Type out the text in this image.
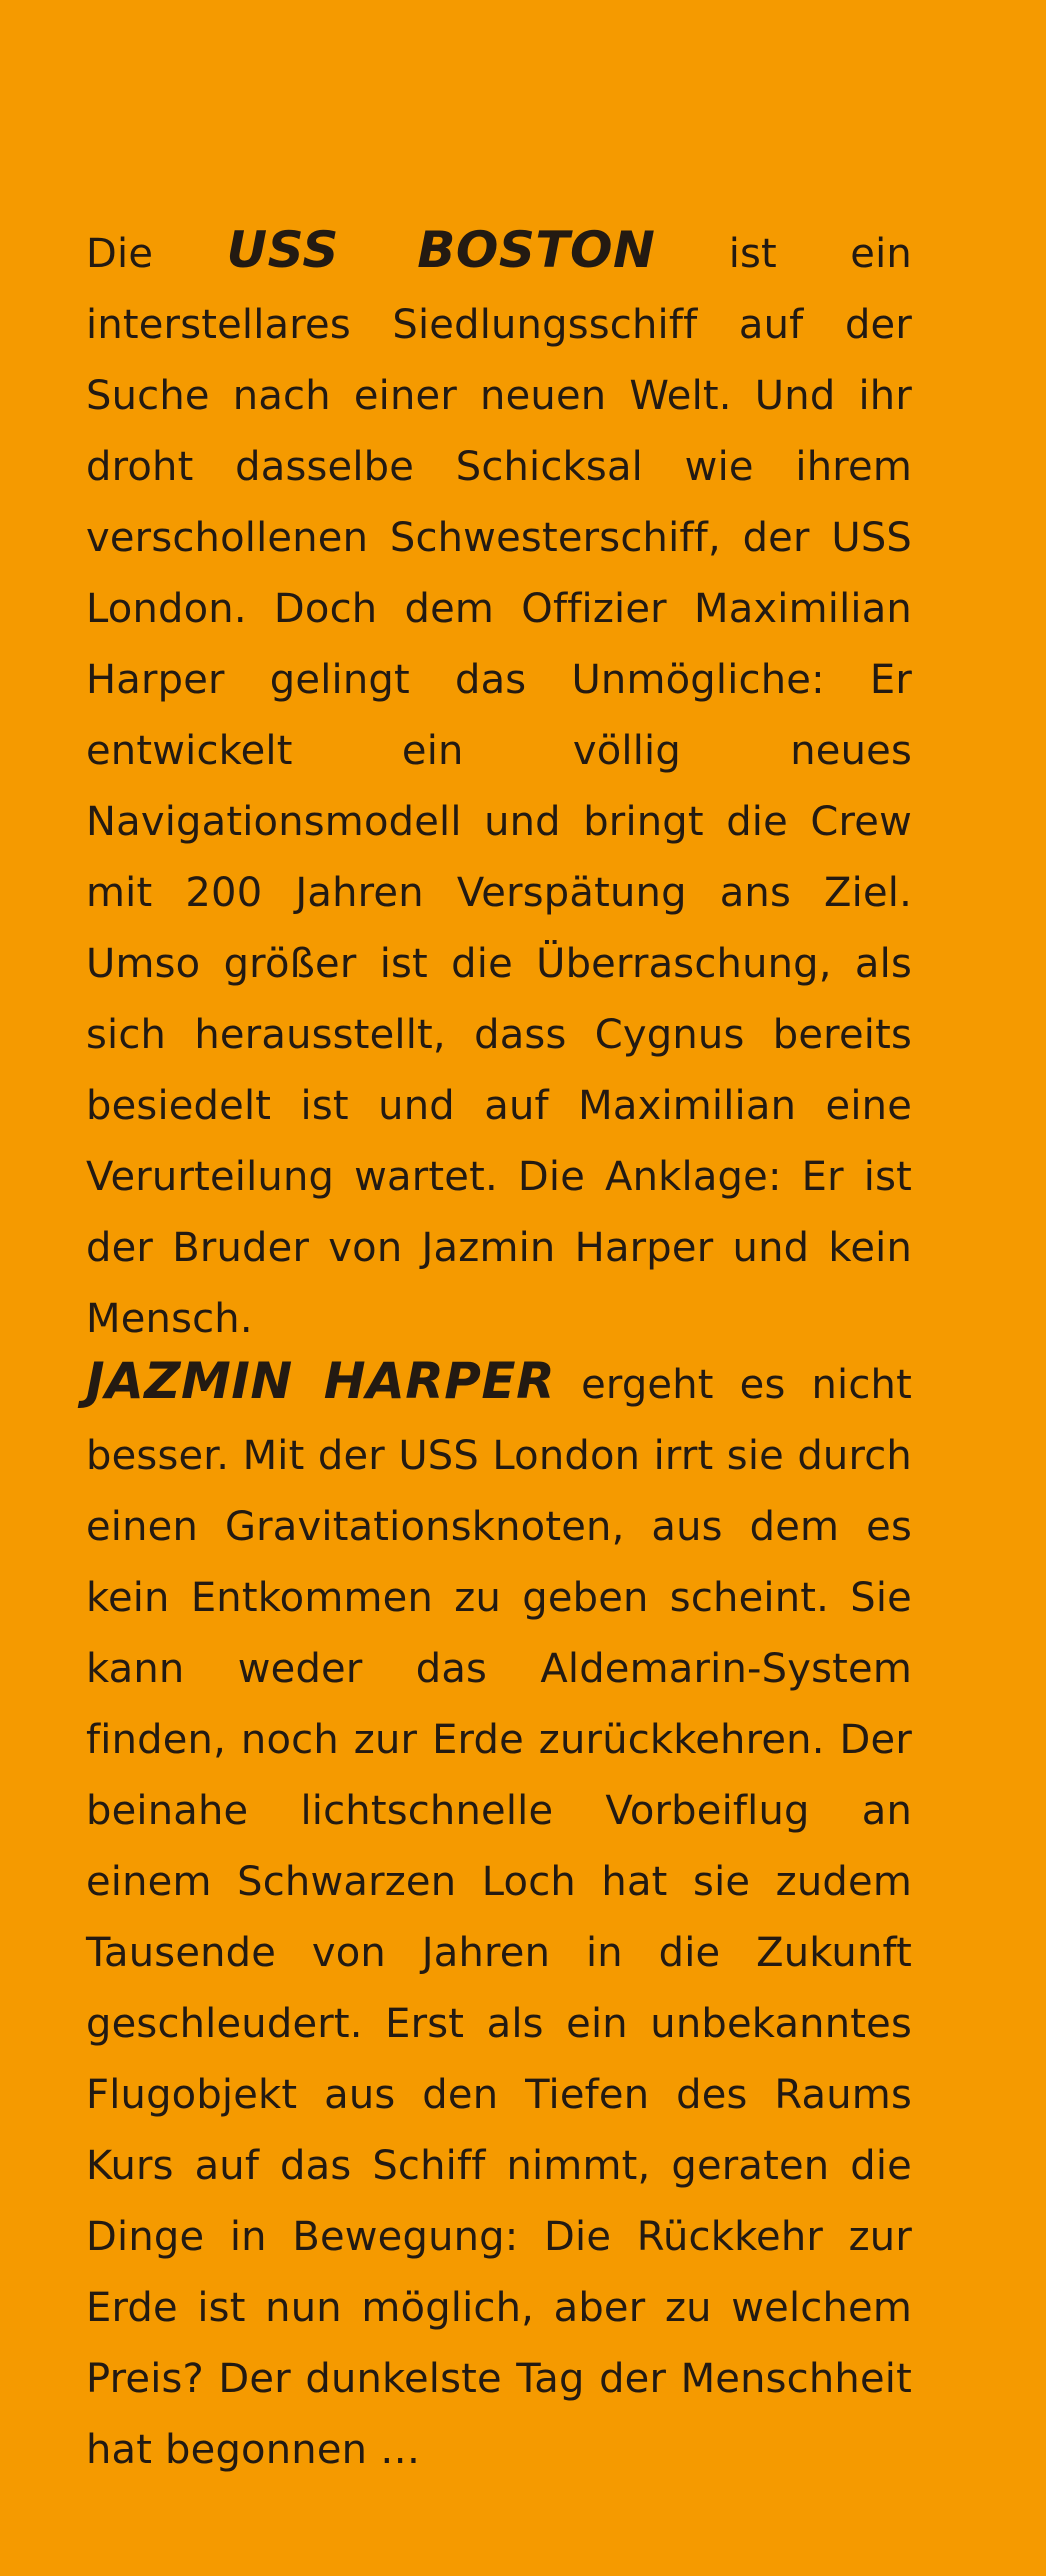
Die USS BOSTON ist ein interstellares Siedlungsschiff auf der Suche nach einer neuen Welt. Und ihr droht dasselbe Schicksal wie ihrem verschollenen Schwesterschiff, der USS London. Doch dem Offizier Maximilian Harper gelingt das Unmögliche: Er entwickelt ein völlig neues Navigationsmodell und bringt die Crew mit 200 Jahren Verspätung ans Ziel. Umso größer ist die Überraschung, als sich herausstellt, dass Cygnus bereits besiedelt ist und auf Maximilian eine Verurteilung wartet. Die Anklage: Er ist der Bruder von Jazmin Harper und kein Mensch.

JAZMIN HARPER ergeht es nicht besser. Mit der USS London irrt sie durch einen Gravitationsknoten, aus dem es kein Entkommen zu geben scheint. Sie kann weder das Aldemarin-System finden, noch zur Erde zurückkehren. Der beinahe lichtschnelle Vorbeiflug an einem Schwarzen Loch hat sie zudem Tausende von Jahren in die Zukunft geschleudert. Erst als ein unbekanntes Flugobjekt aus den Tiefen des Raums Kurs auf das Schiff nimmt, geraten die Dinge in Bewegung: Die Rückkehr zur Erde ist nun möglich, aber zu welchem Preis? Der dunkelste Tag der Menschheit hat begonnen …
